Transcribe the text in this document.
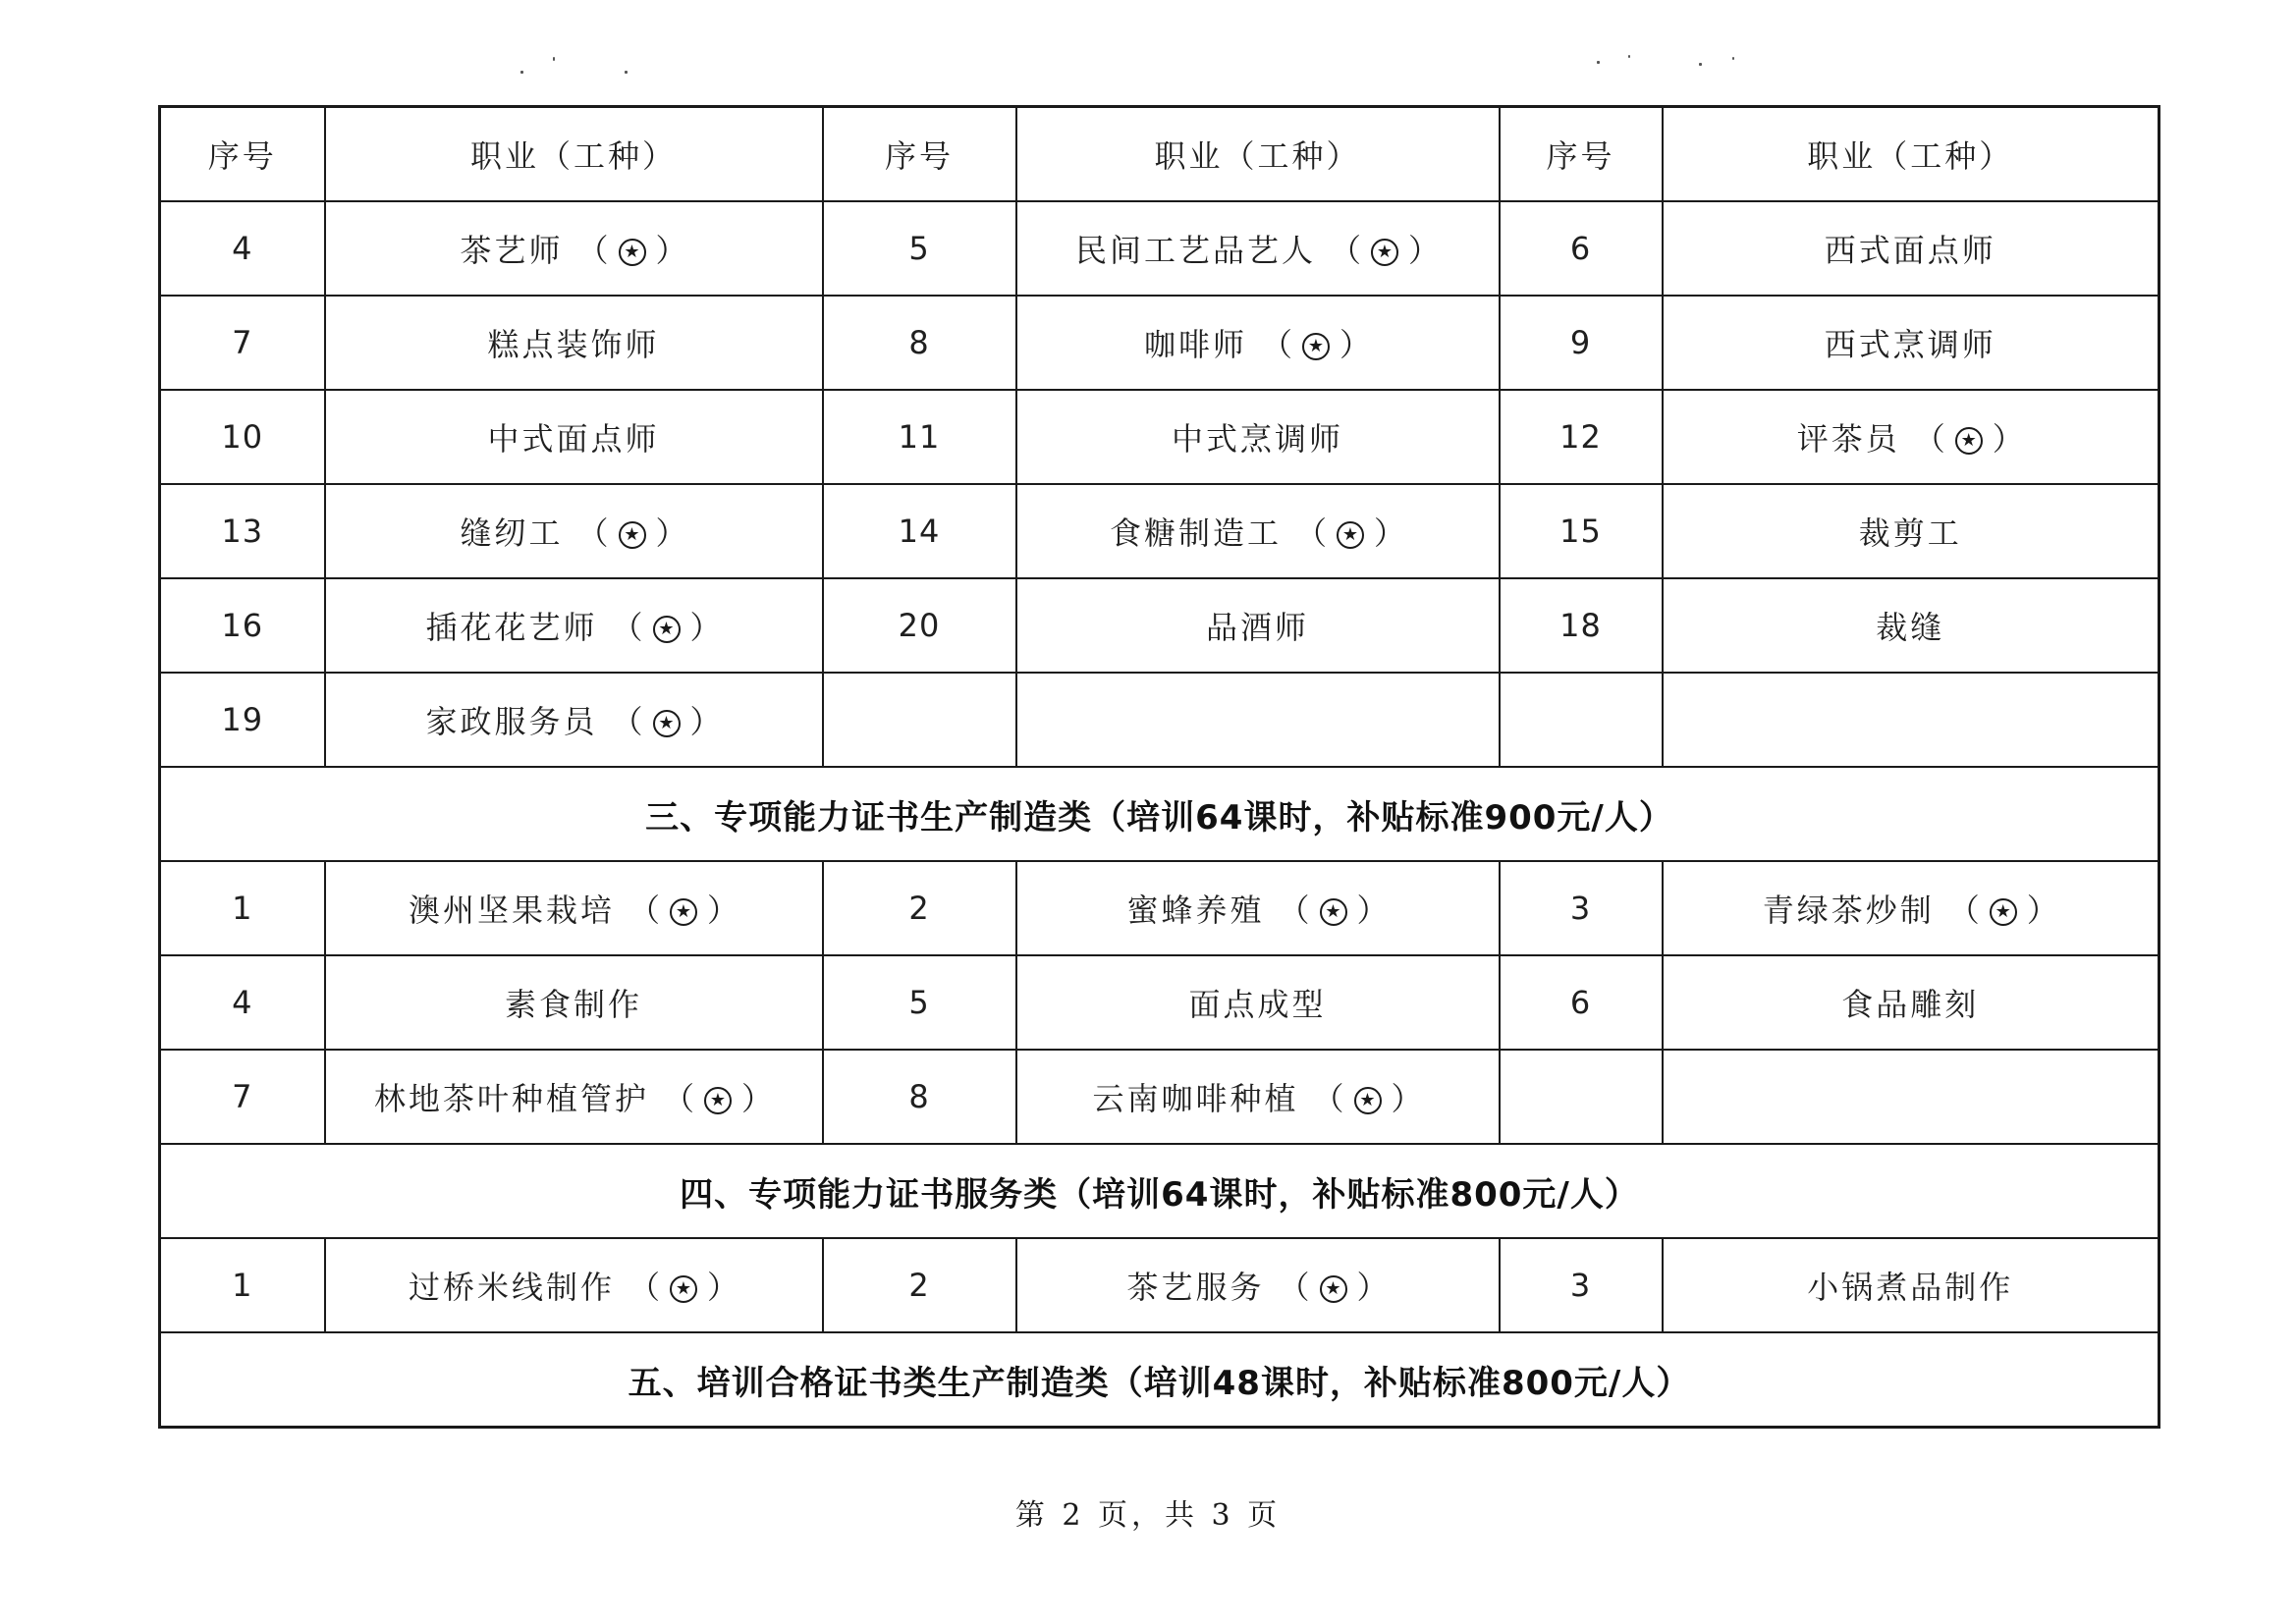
序号	职业（工种）	序号	职业（工种）	序号	职业（工种）
4	茶艺师 （ ★ ）	5	民间工艺品艺人 （ ★ ）	6	西式面点师
7	糕点装饰师	8	咖啡师 （ ★ ）	9	西式烹调师
10	中式面点师	11	中式烹调师	12	评茶员 （ ★ ）
13	缝纫工 （ ★ ）	14	食糖制造工 （ ★ ）	15	裁剪工
16	插花花艺师 （ ★ ）	20	品酒师	18	裁缝
19	家政服务员 （ ★ ）				
三、专项能力证书生产制造类（培训64课时，补贴标准900元/人）					
1	澳州坚果栽培 （ ★ ）	2	蜜蜂养殖 （ ★ ）	3	青绿茶炒制 （ ★ ）
4	素食制作	5	面点成型	6	食品雕刻
7	林地茶叶种植管护 （ ★ ）	8	云南咖啡种植 （ ★ ）		
四、专项能力证书服务类（培训64课时，补贴标准800元/人）					
1	过桥米线制作 （ ★ ）	2	茶艺服务 （ ★ ）	3	小锅煮品制作
五、培训合格证书类生产制造类（培训48课时，补贴标准800元/人）					
第 2 页，共 3 页
